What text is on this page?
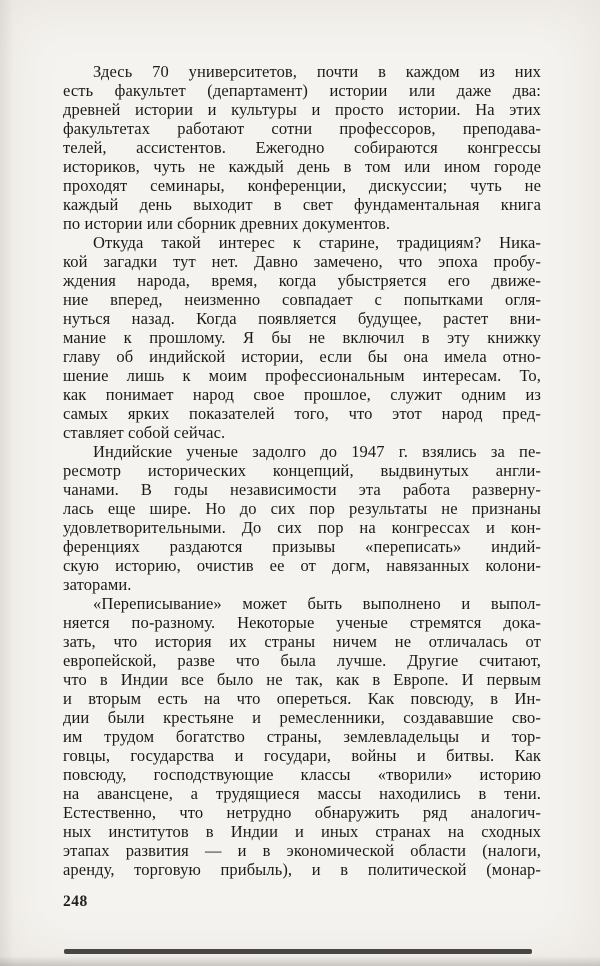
Здесь 70 университетов, почти в каждом из них
есть факультет (департамент) истории или даже два:
древней истории и культуры и просто истории. На этих
факультетах работают сотни профессоров, преподава-
телей, ассистентов. Ежегодно собираются конгрессы
историков, чуть не каждый день в том или ином городе
проходят семинары, конференции, дискуссии; чуть не
каждый день выходит в свет фундаментальная книга
по истории или сборник древних документов.
Откуда такой интерес к старине, традициям? Ника-
кой загадки тут нет. Давно замечено, что эпоха пробу-
ждения народа, время, когда убыстряется его движе-
ние вперед, неизменно совпадает с попытками огля-
нуться назад. Когда появляется будущее, растет вни-
мание к прошлому. Я бы не включил в эту книжку
главу об индийской истории, если бы она имела отно-
шение лишь к моим профессиональным интересам. То,
как понимает народ свое прошлое, служит одним из
самых ярких показателей того, что этот народ пред-
ставляет собой сейчас.
Индийские ученые задолго до 1947 г. взялись за пе-
ресмотр исторических концепций, выдвинутых англи-
чанами. В годы независимости эта работа разверну-
лась еще шире. Но до сих пор результаты не признаны
удовлетворительными. До сих пор на конгрессах и кон-
ференциях раздаются призывы «переписать» индий-
скую историю, очистив ее от догм, навязанных колони-
заторами.
«Переписывание» может быть выполнено и выпол-
няется по-разному. Некоторые ученые стремятся дока-
зать, что история их страны ничем не отличалась от
европейской, разве что была лучше. Другие считают,
что в Индии все было не так, как в Европе. И первым
и вторым есть на что опереться. Как повсюду, в Ин-
дии были крестьяне и ремесленники, создававшие сво-
им трудом богатство страны, землевладельцы и тор-
говцы, государства и государи, войны и битвы. Как
повсюду, господствующие классы «творили» историю
на авансцене, а трудящиеся массы находились в тени.
Естественно, что нетрудно обнаружить ряд аналогич-
ных институтов в Индии и иных странах на сходных
этапах развития — и в экономической области (налоги,
аренду, торговую прибыль), и в политической (монар-
248
